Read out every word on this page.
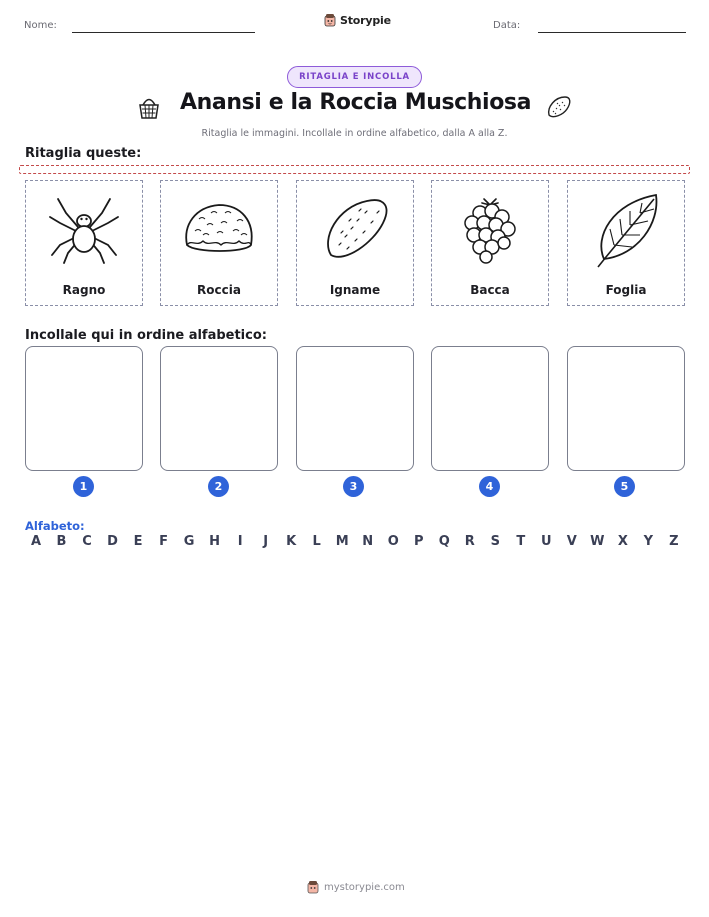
Nome:	Storypie	Data:
RITAGLIA E INCOLLA
Anansi e la Roccia Muschiosa
Ritaglia le immagini. Incollale in ordine alfabetico, dalla A alla Z.
Ritaglia queste:
Ragno	Roccia	Igname	Bacca	Foglia
Incollale qui in ordine alfabetico:
1	2	3	4	5
Alfabeto:
A	B	C	D	E	F	G	H	I	J	K	L	M	N	O	P	Q	R	S	T	U	V	W	X	Y	Z
mystorypie.com
